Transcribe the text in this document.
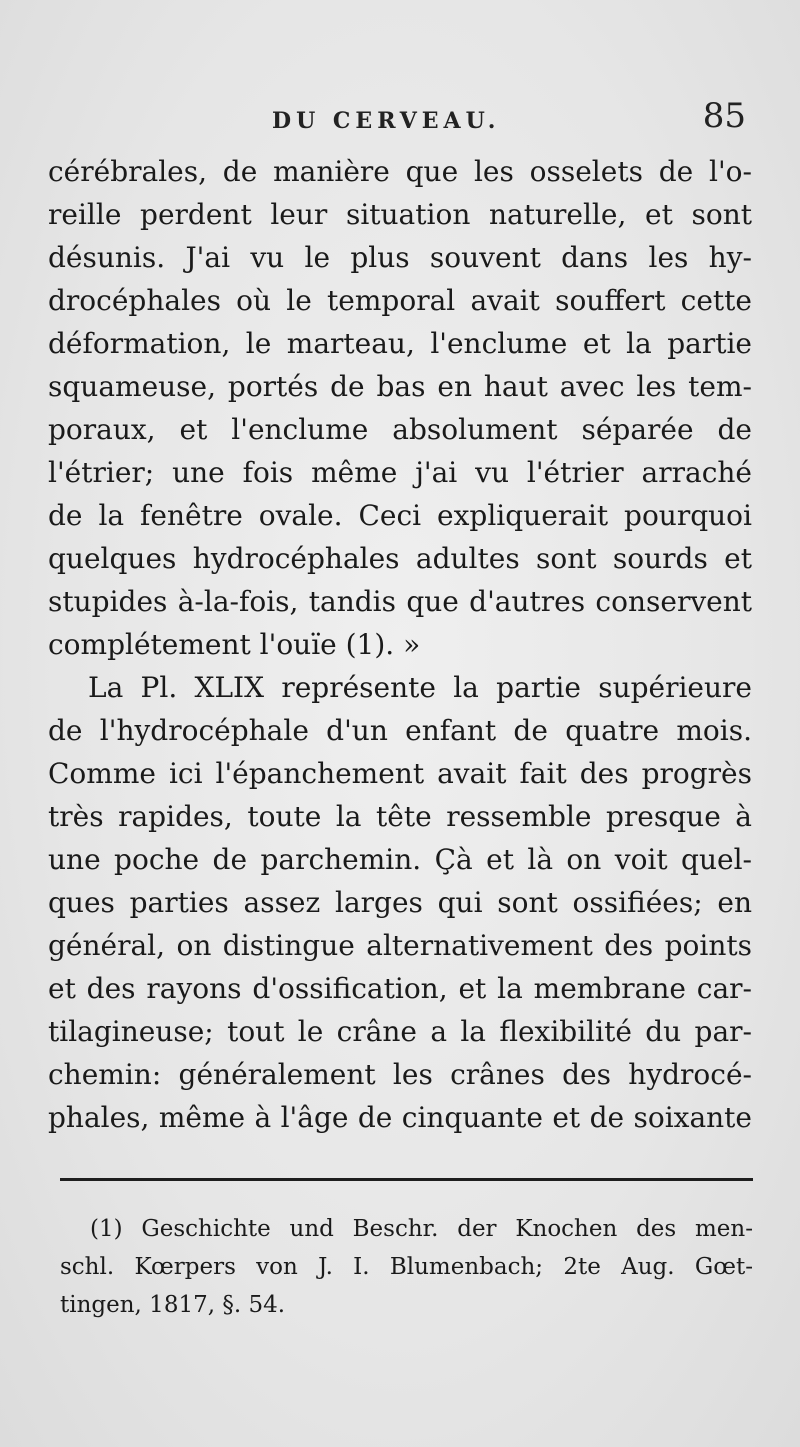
DU CERVEAU.	85
cérébrales, de manière que les osselets de l'o-
reille perdent leur situation naturelle, et sont
désunis. J'ai vu le plus souvent dans les hy-
drocéphales où le temporal avait souffert cette
déformation, le marteau, l'enclume et la partie
squameuse, portés de bas en haut avec les tem-
poraux, et l'enclume absolument séparée de
l'étrier; une fois même j'ai vu l'étrier arraché
de la fenêtre ovale. Ceci expliquerait pourquoi
quelques hydrocéphales adultes sont sourds et
stupides à-la-fois, tandis que d'autres conservent
complétement l'ouïe (1). »
La Pl. XLIX représente la partie supérieure
de l'hydrocéphale d'un enfant de quatre mois.
Comme ici l'épanchement avait fait des progrès
très rapides, toute la tête ressemble presque à
une poche de parchemin. Çà et là on voit quel-
ques parties assez larges qui sont ossifiées; en
général, on distingue alternativement des points
et des rayons d'ossification, et la membrane car-
tilagineuse; tout le crâne a la flexibilité du par-
chemin: généralement les crânes des hydrocé-
phales, même à l'âge de cinquante et de soixante
(1) Geschichte und Beschr. der Knochen des men-
schl. Kœrpers von J. I. Blumenbach; 2te Aug. Gœt-
tingen, 1817, §. 54.
